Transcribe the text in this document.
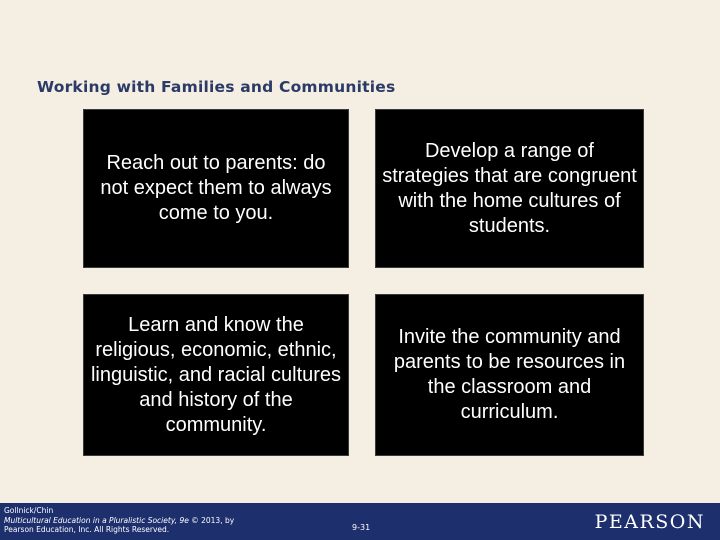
Working with Families and Communities
Reach out to parents: do not expect them to always come to you.
Develop a range of strategies that are congruent with the home cultures of students.
Learn and know the religious, economic, ethnic, linguistic, and racial cultures and history of the community.
Invite the community and parents to be resources in the classroom and curriculum.
Gollnick/Chin
Multicultural Education in a Pluralistic Society, 9e © 2013, by
Pearson Education, Inc. All Rights Reserved.	9-31	PEARSON
